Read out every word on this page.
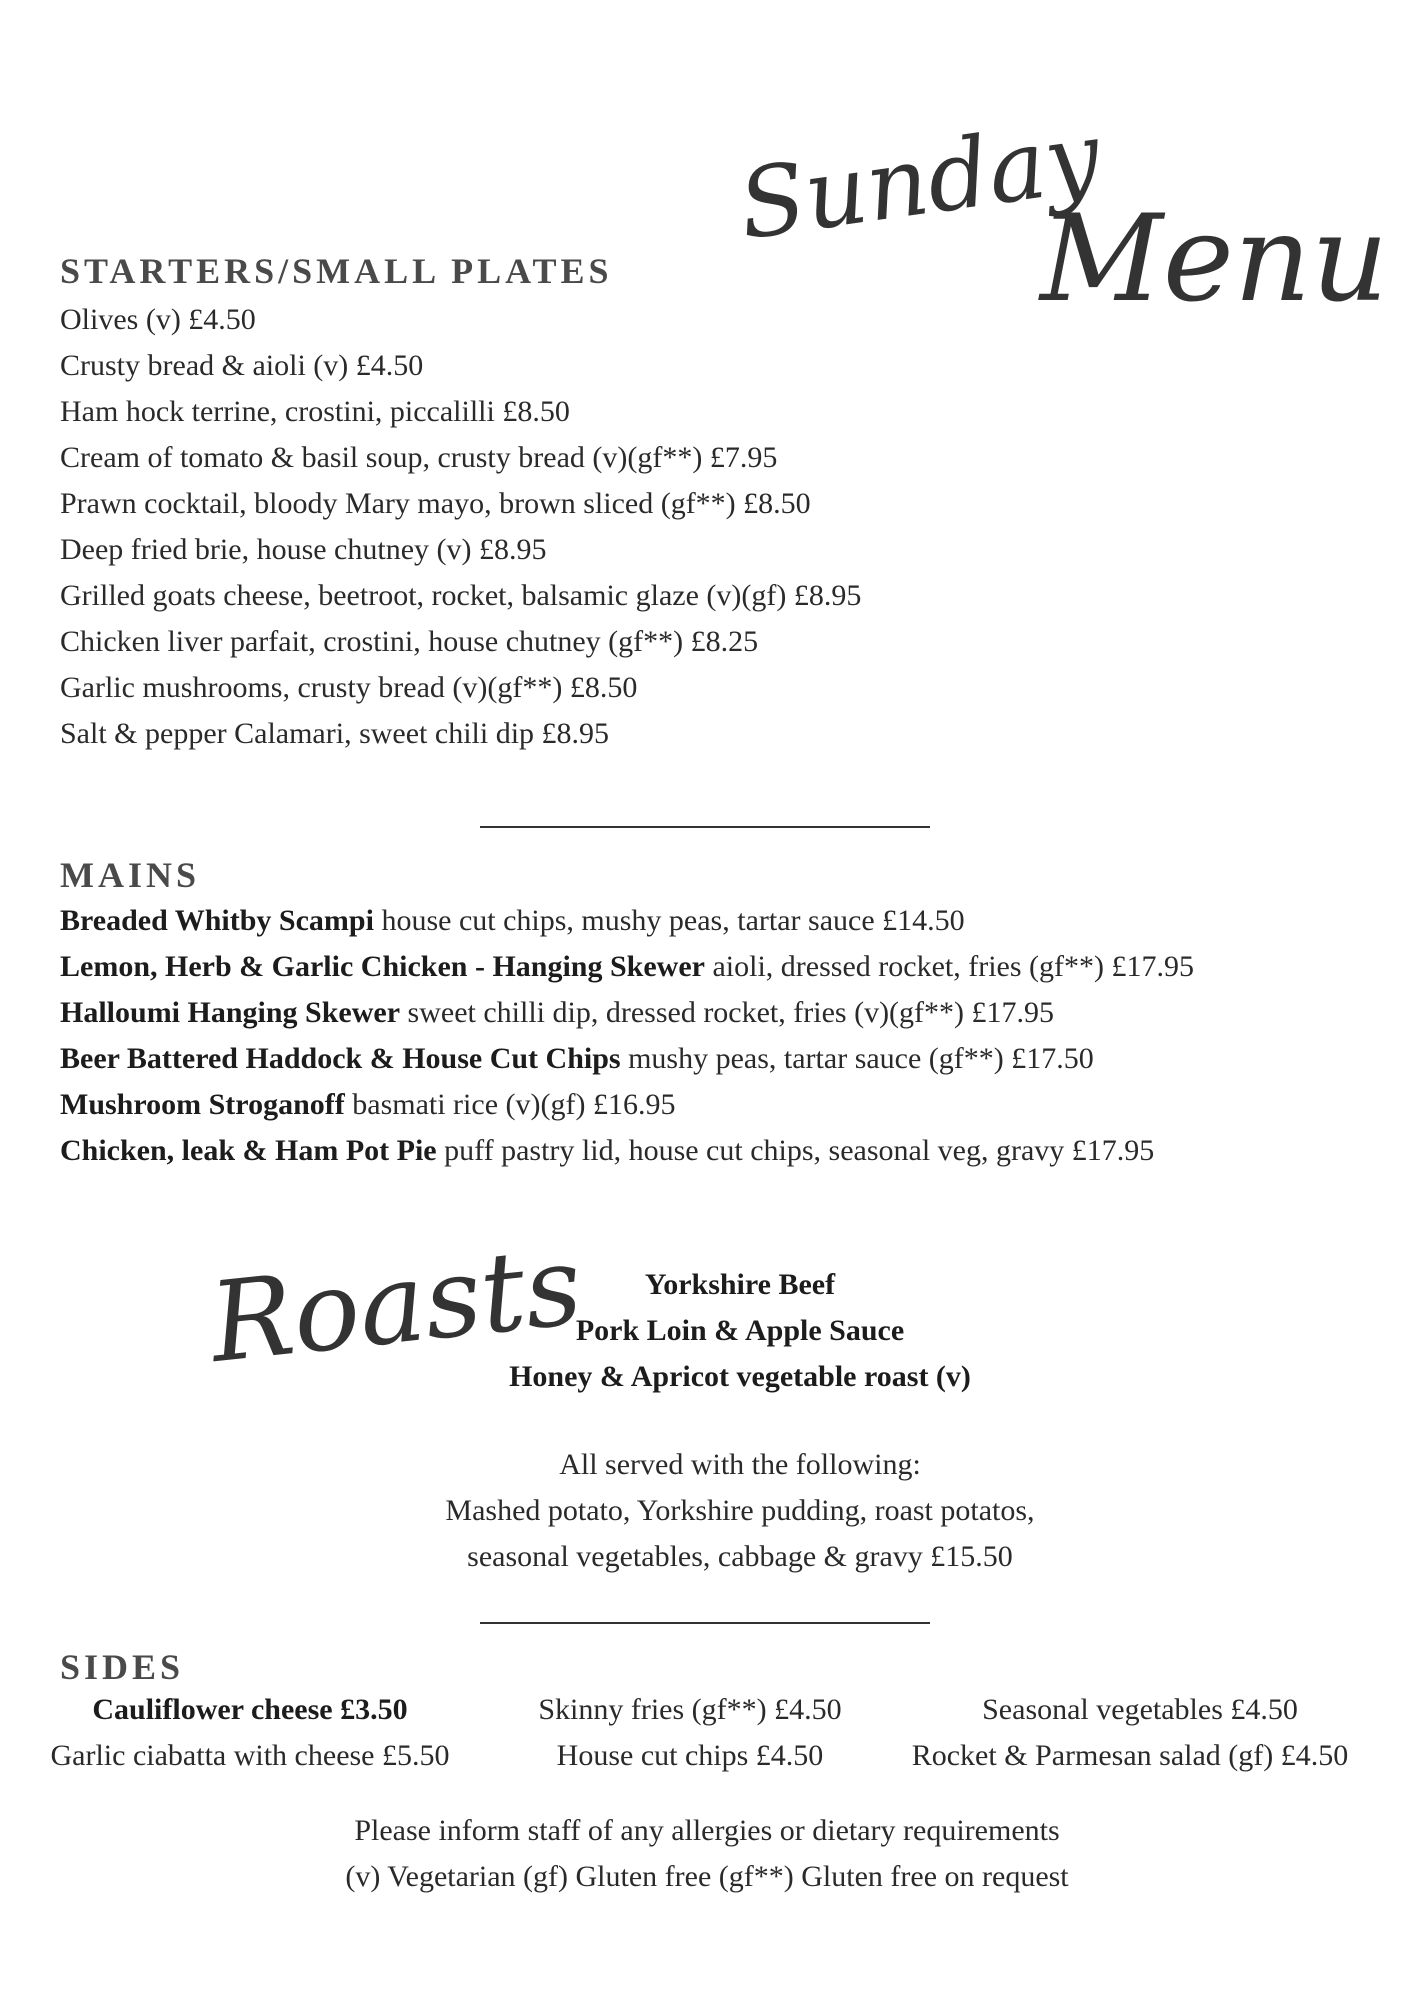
Sunday
Menu
STARTERS/SMALL PLATES
Olives (v) £4.50
Crusty bread & aioli (v) £4.50
Ham hock terrine, crostini, piccalilli £8.50
Cream of tomato & basil soup, crusty bread (v)(gf**) £7.95
Prawn cocktail, bloody Mary mayo, brown sliced (gf**) £8.50
Deep fried brie, house chutney (v) £8.95
Grilled goats cheese, beetroot, rocket, balsamic glaze (v)(gf) £8.95
Chicken liver parfait, crostini, house chutney (gf**) £8.25
Garlic mushrooms, crusty bread (v)(gf**) £8.50
Salt & pepper Calamari, sweet chili dip £8.95
MAINS
Breaded Whitby Scampi house cut chips, mushy peas, tartar sauce £14.50
Lemon, Herb & Garlic Chicken - Hanging Skewer aioli, dressed rocket, fries (gf**) £17.95
Halloumi Hanging Skewer sweet chilli dip, dressed rocket, fries (v)(gf**) £17.95
Beer Battered Haddock & House Cut Chips mushy peas, tartar sauce (gf**) £17.50
Mushroom Stroganoff basmati rice (v)(gf) £16.95
Chicken, leak & Ham Pot Pie puff pastry lid, house cut chips, seasonal veg, gravy £17.95
Roasts	Yorkshire Beef
Pork Loin & Apple Sauce
Honey & Apricot vegetable roast (v)
All served with the following:
Mashed potato, Yorkshire pudding, roast potatos,
seasonal vegetables, cabbage & gravy £15.50
SIDES
Cauliflower cheese £3.50	Skinny fries (gf**) £4.50	Seasonal vegetables £4.50
Garlic ciabatta with cheese £5.50	House cut chips £4.50	Rocket & Parmesan salad (gf) £4.50
Please inform staff of any allergies or dietary requirements
(v) Vegetarian (gf) Gluten free (gf**) Gluten free on request
